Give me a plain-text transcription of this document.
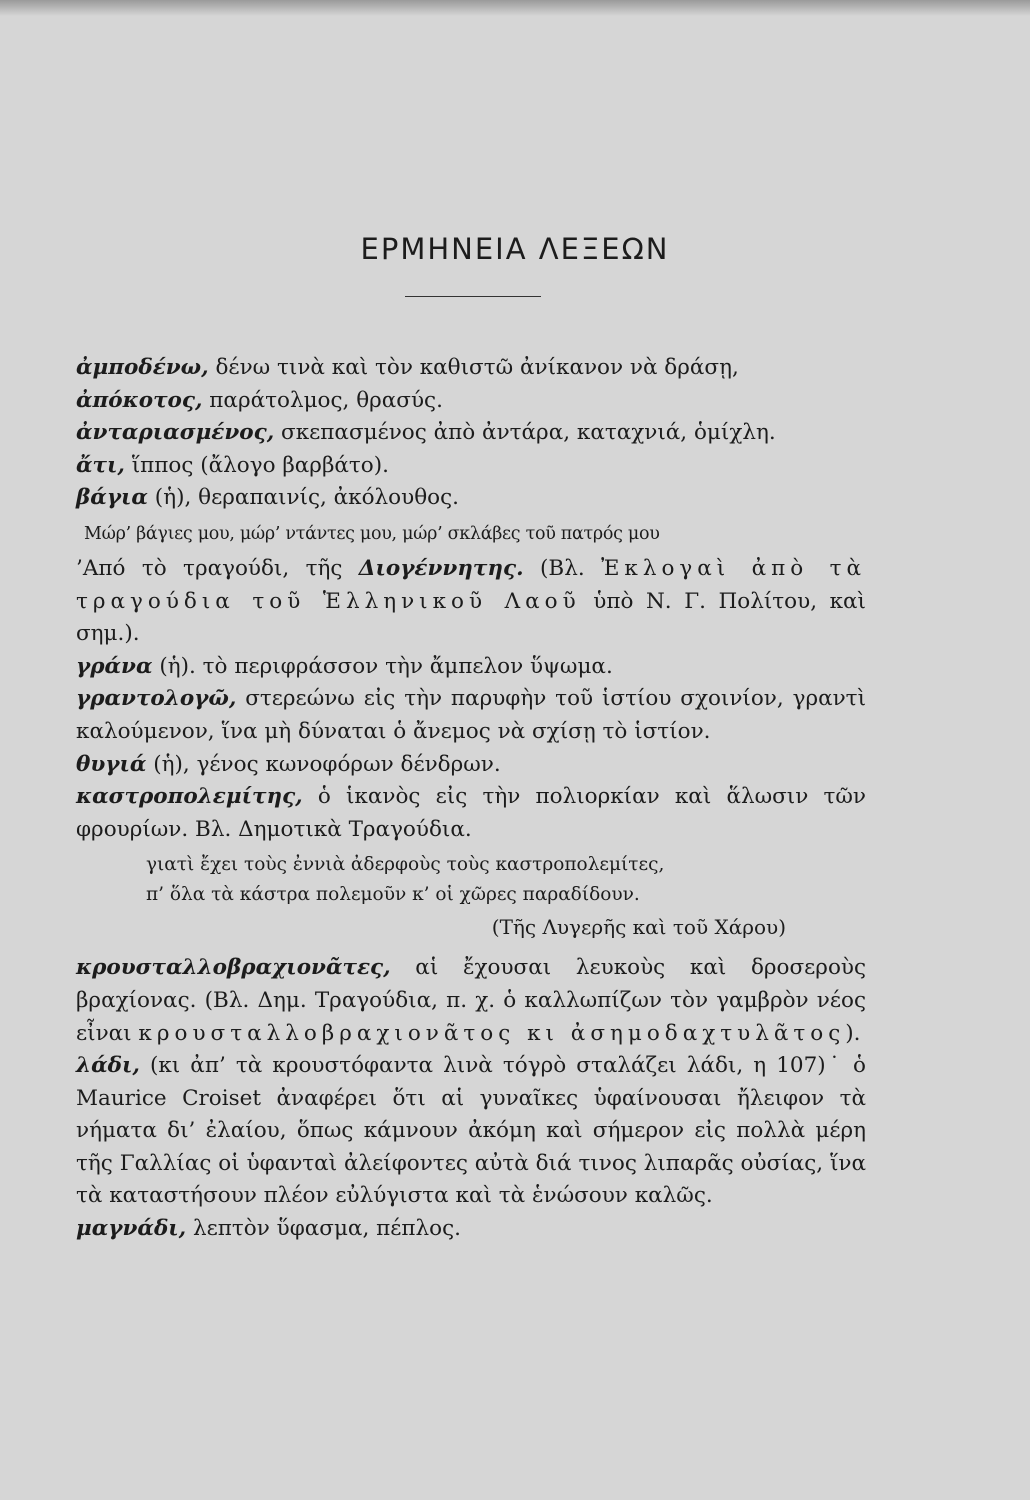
ΕΡΜΗΝΕΙΑ ΛΕΞΕΩΝ

ἀμποδένω, δένω τινὰ καὶ τὸν καθιστῶ ἀνίκανον νὰ δράσῃ,

ἀπόκοτος, παράτολμος, θρασύς.

ἀνταριασμένος, σκεπασμένος ἀπὸ ἀντάρα, καταχνιά, ὁμίχλη.

ἄτι, ἵππος (ἄλογο βαρβάτο).

βάγια (ἡ), θεραπαινίς, ἀκόλουθος.

Μώρ’ βάγιες μου, μώρ’ ντάντες μου, μώρ’ σκλάβες τοῦ πατρός μου

’Από τὸ τραγούδι, τῆς Διογέννητης. (Βλ. Ἐκλογαὶ ἀπὸ τὰ τραγούδια τοῦ Ἑλληνικοῦ Λαοῦ ὑπὸ Ν. Γ. Πολίτου, καὶ σημ.).

γράνα (ἡ). τὸ περιφράσσον τὴν ἄμπελον ὕψωμα.

γραντολογῶ, στερεώνω εἰς τὴν παρυφὴν τοῦ ἱστίου σχοινίον, γραντὶ καλούμενον, ἵνα μὴ δύναται ὁ ἄνεμος νὰ σχίσῃ τὸ ἱστίον.

θυγιά (ἡ), γένος κωνοφόρων δένδρων.

καστροπολεμίτης, ὁ ἱκανὸς εἰς τὴν πολιορκίαν καὶ ἅλωσιν τῶν φρουρίων. Βλ. Δημοτικὰ Τραγούδια.

γιατὶ ἔχει τοὺς ἐννιὰ ἀδερφοὺς τοὺς καστροπολεμίτες,

π’ ὅλα τὰ κάστρα πολεμοῦν κ’ οἱ χῶρες παραδίδουν.

(Τῆς Λυγερῆς καὶ τοῦ Χάρου)

κρουσταλλοβραχιονᾶτες, αἱ ἔχουσαι λευκοὺς καὶ δροσεροὺς βραχίονας. (Βλ. Δημ. Τραγούδια, π. χ. ὁ καλλωπίζων τὸν γαμβρὸν νέος εἶναι κρουσταλλοβραχιονᾶτος κι ἀσημοδαχτυλᾶτος).

λάδι, (κι ἀπ’ τὰ κρουστόφαντα λινὰ τόγρὸ σταλάζει λάδι, η 107)˙ ὁ Maurice Croiset ἀναφέρει ὅτι αἱ γυναῖκες ὑφαίνουσαι ἤλειφον τὰ νήματα δι’ ἐλαίου, ὅπως κάμνουν ἀκόμη καὶ σήμερον εἰς πολλὰ μέρη τῆς Γαλλίας οἱ ὑφανταὶ ἀλείφοντες αὐτὰ διά τινος λιπαρᾶς οὐσίας, ἵνα τὰ καταστήσουν πλέον εὐλύγιστα καὶ τὰ ἑνώσουν καλῶς.

μαγνάδι, λεπτὸν ὕφασμα, πέπλος.
